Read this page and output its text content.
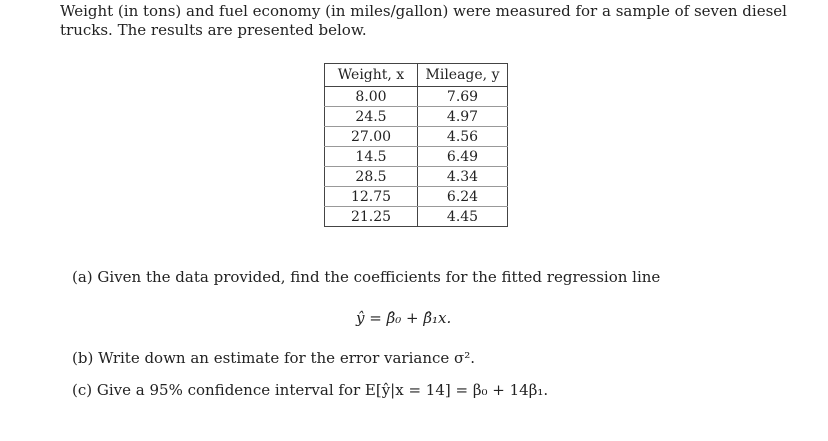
Weight (in tons) and fuel economy (in miles/gallon) were measured for a sample of seven diesel trucks. The results are presented below.

Weight, x	Mileage, y
8.00	7.69
24.5	4.97
27.00	4.56
14.5	6.49
28.5	4.34
12.75	6.24
21.25	4.45

(a) Given the data provided, find the coefficients for the fitted regression line

ŷ = β̂₀ + β̂₁x.

(b) Write down an estimate for the error variance σ².

(c) Give a 95% confidence interval for E[ŷ|x = 14] = β₀ + 14β₁.
